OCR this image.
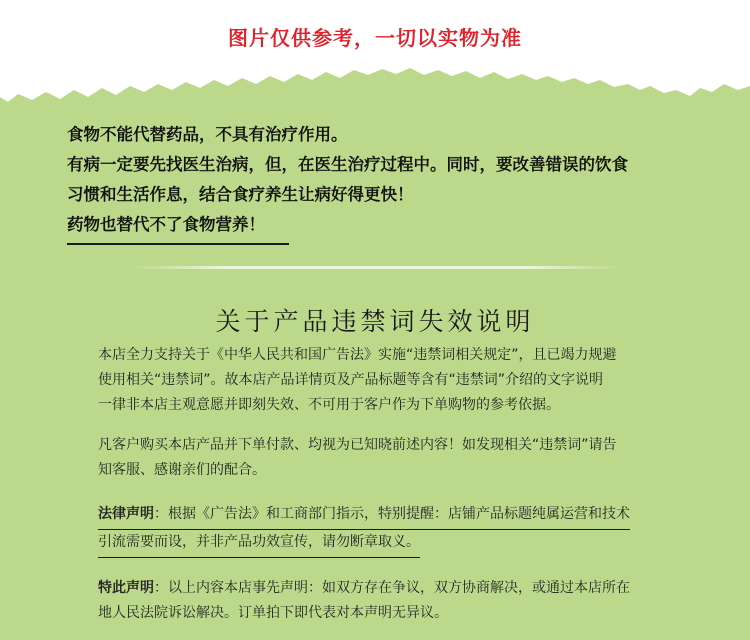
图片仅供参考，一切以实物为准

食物不能代替药品，不具有治疗作用。

有病一定要先找医生治病，但，在医生治疗过程中。同时，要改善错误的饮食

习惯和生活作息，结合食疗养生让病好得更快！

药物也替代不了食物营养！

关于产品违禁词失效说明

本店全力支持关于《中华人民共和国广告法》实施“违禁词相关规定”，且已竭力规避

使用相关“违禁词”。故本店产品详情页及产品标题等含有“违禁词”介绍的文字说明

一律非本店主观意愿并即刻失效、不可用于客户作为下单购物的参考依据。

凡客户购买本店产品并下单付款、均视为已知晓前述内容！如发现相关“违禁词”请告

知客服、感谢亲们的配合。

法律声明：根据《广告法》和工商部门指示，特别提醒：店铺产品标题纯属运营和技术

引流需要而设，并非产品功效宣传，请勿断章取义。

特此声明：以上内容本店事先声明：如双方存在争议，双方协商解决，或通过本店所在

地人民法院诉讼解决。订单拍下即代表对本声明无异议。
